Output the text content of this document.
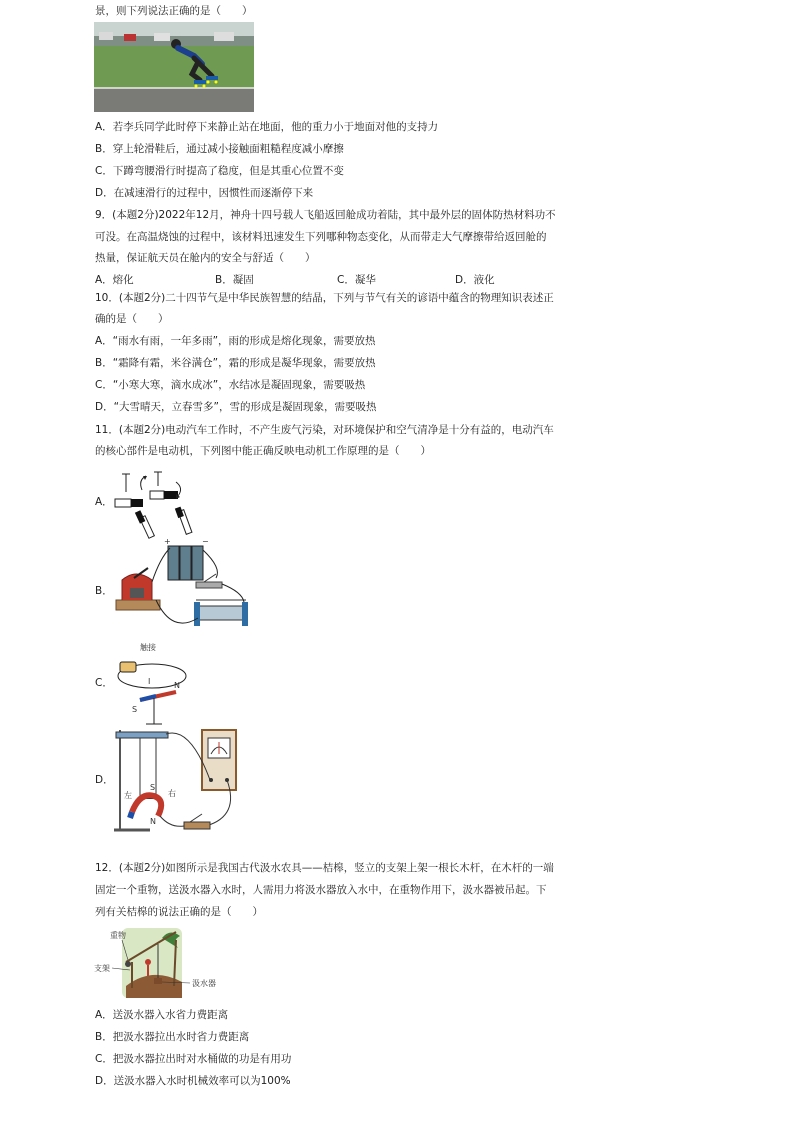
景，则下列说法正确的是（　　）
A．若李兵同学此时停下来静止站在地面，他的重力小于地面对他的支持力
B．穿上轮滑鞋后，通过减小接触面粗糙程度减小摩擦
C．下蹲弯腰滑行时提高了稳度，但是其重心位置不变
D．在减速滑行的过程中，因惯性而逐渐停下来
9．(本题2分)2022年12月，神舟十四号载人飞船返回舱成功着陆，其中最外层的固体防热材料功不
可没。在高温烧蚀的过程中，该材料迅速发生下列哪种物态变化，从而带走大气摩擦带给返回舱的
热量，保证航天员在舱内的安全与舒适（　　）
A．熔化	B．凝固	C．凝华	D．液化
10．(本题2分)二十四节气是中华民族智慧的结晶，下列与节气有关的谚语中蕴含的物理知识表述正
确的是（　　）
A．“雨水有雨，一年多雨”，雨的形成是熔化现象，需要放热
B．“霜降有霜，米谷满仓”，霜的形成是凝华现象，需要放热
C．“小寒大寒，滴水成冰”，水结冰是凝固现象，需要吸热
D．“大雪晴天，立春雪多”，雪的形成是凝固现象，需要吸热
11．(本题2分)电动汽车工作时，不产生废气污染，对环境保护和空气清净是十分有益的，电动汽车
的核心部件是电动机，下列图中能正确反映电动机工作原理的是（　　）
A．
B．
+	−
C．
触接
I	N
S
D．
左	右
S
N
12．(本题2分)如图所示是我国古代汲水农具——桔槔，竖立的支架上架一根长木杆，在木杆的一端
固定一个重物，送汲水器入水时，人需用力将汲水器放入水中，在重物作用下，汲水器被吊起。下
列有关桔槔的说法正确的是（　　）
重物
支架
汲水器
A．送汲水器入水省力费距离
B．把汲水器拉出水时省力费距离
C．把汲水器拉出时对水桶做的功是有用功
D．送汲水器入水时机械效率可以为100%
